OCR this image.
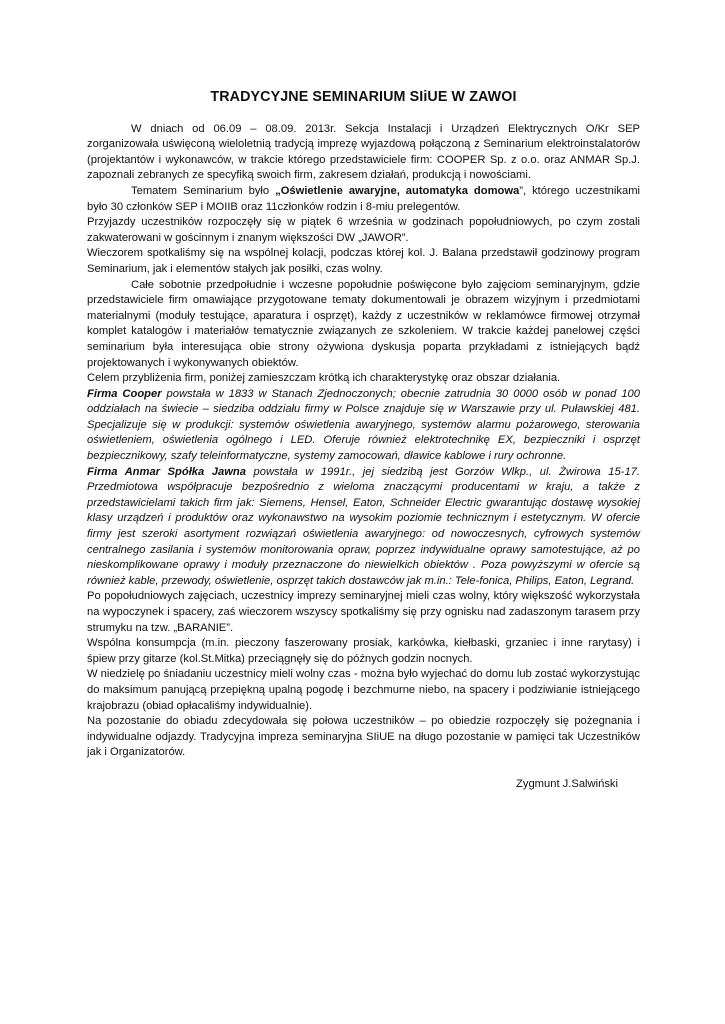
TRADYCYJNE SEMINARIUM SIiUE W ZAWOI

W dniach od 06.09 – 08.09. 2013r. Sekcja Instalacji i Urządzeń Elektrycznych O/Kr SEP zorganizowała uświęconą wieloletnią tradycją imprezę wyjazdową połączoną z Seminarium elektroinstalatorów (projektantów i wykonawców, w trakcie którego przedstawiciele firm: COOPER Sp. z o.o. oraz ANMAR Sp.J. zapoznali zebranych ze specyfiką swoich firm, zakresem działań, produkcją i nowościami.

Tematem Seminarium było „Oświetlenie awaryjne, automatyka domowa”, którego uczestnikami było 30 członków SEP i MOIIB oraz 11członków rodzin i 8-miu prelegentów.

Przyjazdy uczestników rozpoczęły się w piątek 6 września w godzinach popołudniowych, po czym zostali zakwaterowani w gościnnym i znanym większości DW „JAWOR”.

Wieczorem spotkaliśmy się na wspólnej kolacji, podczas której kol. J. Balana przedstawił godzinowy program Seminarium, jak i elementów stałych jak posiłki, czas wolny.

Całe sobotnie przedpołudnie i wczesne popołudnie poświęcone było zajęciom seminaryjnym, gdzie przedstawiciele firm omawiające przygotowane tematy dokumentowali je obrazem wizyjnym i przedmiotami materialnymi (moduły testujące, aparatura i osprzęt), każdy z uczestników w reklamówce firmowej otrzymał komplet katalogów i materiałów tematycznie związanych ze szkoleniem. W trakcie każdej panelowej części seminarium była interesująca obie strony ożywiona dyskusja poparta przykładami z istniejących bądź projektowanych i wykonywanych obiektów.

Celem przybliżenia firm, poniżej zamieszczam krótką ich charakterystykę oraz obszar działania.

Firma Cooper powstała w 1833 w Stanach Zjednoczonych; obecnie zatrudnia 30 0000 osób w ponad 100 oddziałach na świecie – siedziba oddziału firmy w Polsce znajduje się w Warszawie przy ul. Puławskiej 481. Specjalizuje się w produkcji: systemów oświetlenia awaryjnego, systemów alarmu pożarowego, sterowania oświetleniem, oświetlenia ogólnego i LED. Oferuje również elektrotechnikę EX, bezpieczniki i osprzęt bezpiecznikowy, szafy teleinformatyczne, systemy zamocowań, dławice kablowe i rury ochronne.

Firma Anmar Spółka Jawna powstała w 1991r., jej siedzibą jest Gorzów Wlkp., ul. Żwirowa 15-17. Przedmiotowa współpracuje bezpośrednio z wieloma znaczącymi producentami w kraju, a także z przedstawicielami takich firm jak: Siemens, Hensel, Eaton, Schneider Electric gwarantując dostawę wysokiej klasy urządzeń i produktów oraz wykonawstwo na wysokim poziomie technicznym i estetycznym. W ofercie firmy jest szeroki asortyment rozwiązań oświetlenia awaryjnego: od nowoczesnych, cyfrowych systemów centralnego zasilania i systemów monitorowania opraw, poprzez indywidualne oprawy samotestujące, aż po nieskomplikowane oprawy i moduły przeznaczone do niewielkich obiektów . Poza powyższymi w ofercie są również kable, przewody, oświetlenie, osprzęt takich dostawców jak m.in.: Tele-fonica, Philips, Eaton, Legrand.

Po popołudniowych zajęciach, uczestnicy imprezy seminaryjnej mieli czas wolny, który większość wykorzystała na wypoczynek i spacery, zaś wieczorem wszyscy spotkaliśmy się przy ognisku nad zadaszonym tarasem przy strumyku na tzw. „BARANIE”.

Wspólna konsumpcja (m.in. pieczony faszerowany prosiak, karkówka, kiełbaski, grzaniec i inne rarytasy) i śpiew przy gitarze (kol.St.Mitka) przeciągnęły się do późnych godzin nocnych.

W niedzielę po śniadaniu uczestnicy mieli wolny czas - można było wyjechać do domu lub zostać wykorzystując do maksimum panującą przepiękną upalną pogodę i bezchmurne niebo, na spacery i podziwianie istniejącego krajobrazu (obiad opłacaliśmy indywidualnie).

Na pozostanie do obiadu zdecydowała się połowa uczestników – po obiedzie rozpoczęły się pożegnania i indywidualne odjazdy. Tradycyjna impreza seminaryjna SIiUE na długo pozostanie w pamięci tak Uczestników jak i Organizatorów.

Zygmunt J.Salwiński
